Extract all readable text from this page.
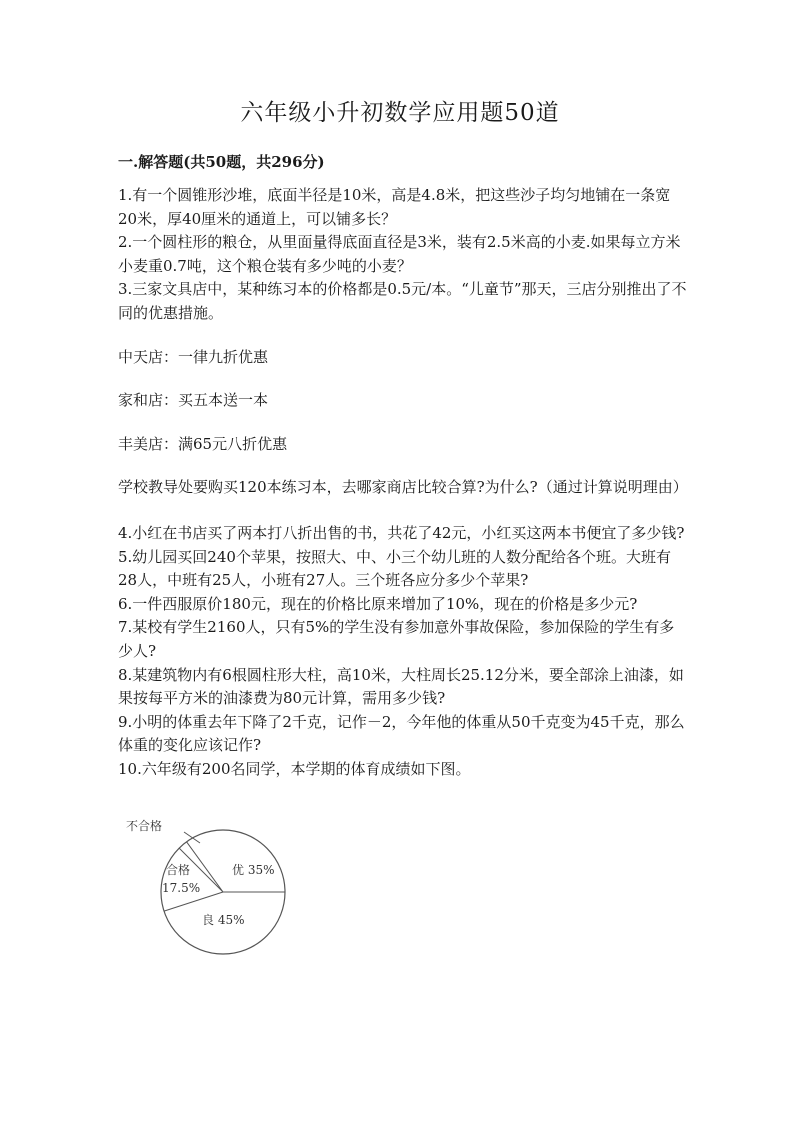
六年级小升初数学应用题50道
一.解答题(共50题，共296分)

1.有一个圆锥形沙堆，底面半径是10米，高是4.8米，把这些沙子均匀地铺在一条宽20米，厚40厘米的通道上，可以铺多长？

2.一个圆柱形的粮仓，从里面量得底面直径是3米，装有2.5米高的小麦.如果每立方米小麦重0.7吨，这个粮仓装有多少吨的小麦？

3.三家文具店中，某种练习本的价格都是0.5元/本。“儿童节”那天，三店分别推出了不同的优惠措施。

中天店：一律九折优惠

家和店：买五本送一本

丰美店：满65元八折优惠

学校教导处要购买120本练习本，去哪家商店比较合算?为什么?（通过计算说明理由）

4.小红在书店买了两本打八折出售的书，共花了42元，小红买这两本书便宜了多少钱?

5.幼儿园买回240个苹果，按照大、中、小三个幼儿班的人数分配给各个班。大班有28人，中班有25人，小班有27人。三个班各应分多少个苹果?

6.一件西服原价180元，现在的价格比原来增加了10%，现在的价格是多少元?

7.某校有学生2160人，只有5%的学生没有参加意外事故保险，参加保险的学生有多少人?

8.某建筑物内有6根圆柱形大柱，高10米，大柱周长25.12分米，要全部涂上油漆，如果按每平方米的油漆费为80元计算，需用多少钱?

9.小明的体重去年下降了2千克，记作－2，今年他的体重从50千克变为45千克，那么体重的变化应该记作?

10.六年级有200名同学，本学期的体育成绩如下图。

不合格
优 35%
良 45%
合格
17.5%
